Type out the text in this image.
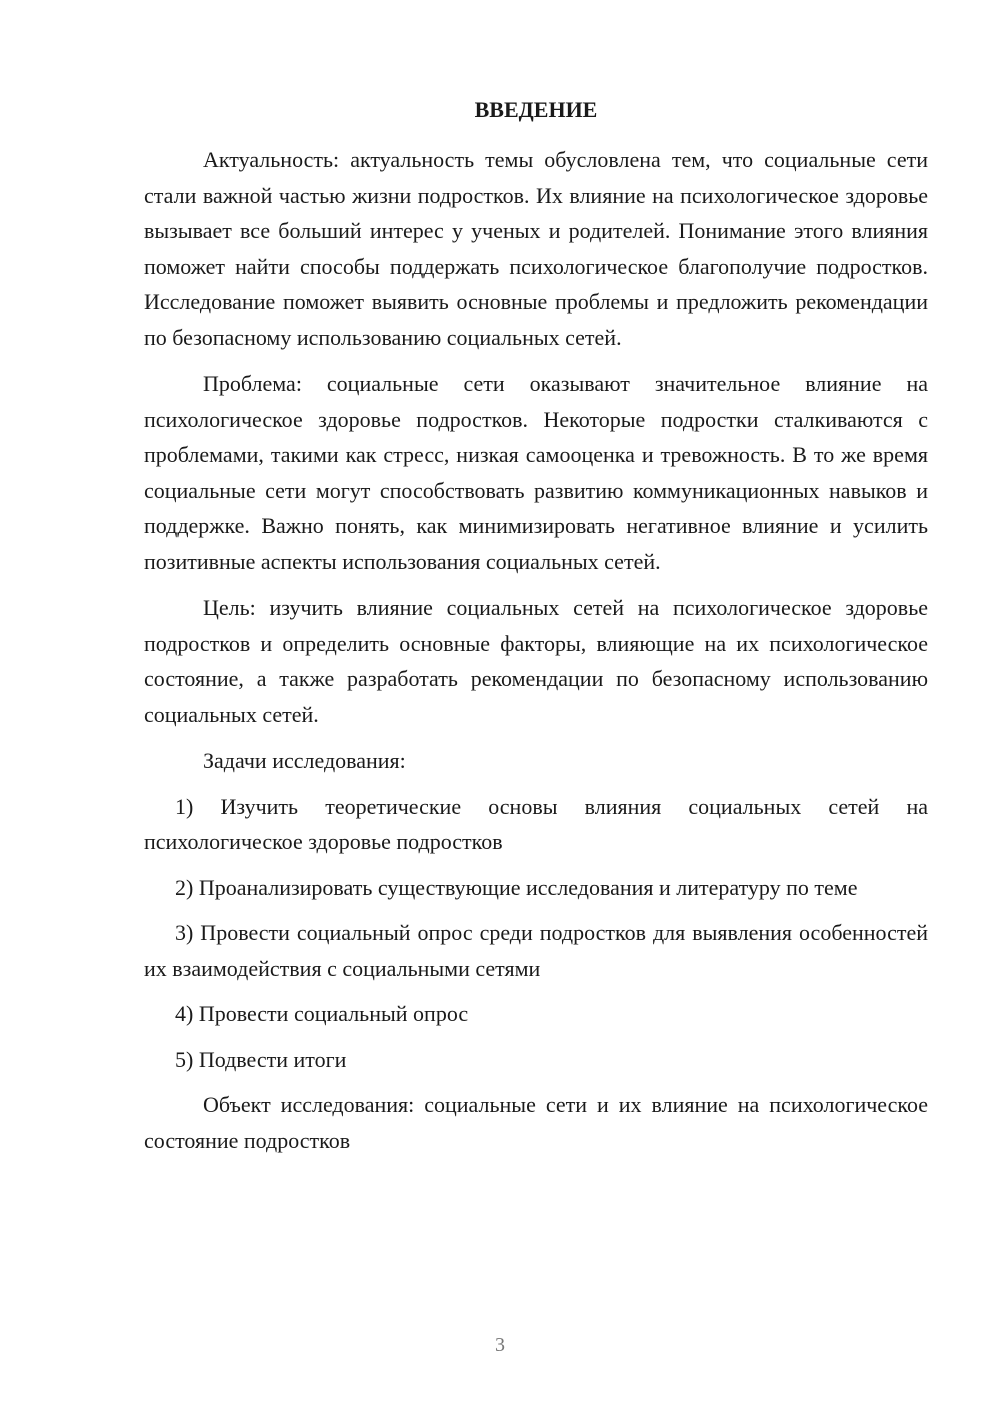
ВВЕДЕНИЕ

Актуальность: актуальность темы обусловлена тем, что социальные сети стали важной частью жизни подростков. Их влияние на психологическое здоровье вызывает все больший интерес у ученых и родителей. Понимание этого влияния поможет найти способы поддержать психологическое благополучие подростков. Исследование поможет выявить основные проблемы и предложить рекомендации по безопасному использованию социальных сетей.

Проблема: социальные сети оказывают значительное влияние на психологическое здоровье подростков. Некоторые подростки сталкиваются с проблемами, такими как стресс, низкая самооценка и тревожность. В то же время социальные сети могут способствовать развитию коммуникационных навыков и поддержке. Важно понять, как минимизировать негативное влияние и усилить позитивные аспекты использования социальных сетей.

Цель: изучить влияние социальных сетей на психологическое здоровье подростков и определить основные факторы, влияющие на их психологическое состояние, а также разработать рекомендации по безопасному использованию социальных сетей.

Задачи исследования:

1) Изучить теоретические основы влияния социальных сетей на психологическое здоровье подростков

2) Проанализировать существующие исследования и литературу по теме

3) Провести социальный опрос среди подростков для выявления особенностей их взаимодействия с социальными сетями

4) Провести социальный опрос

5) Подвести итоги

Объект исследования: социальные сети и их влияние на психологическое состояние подростков

3
